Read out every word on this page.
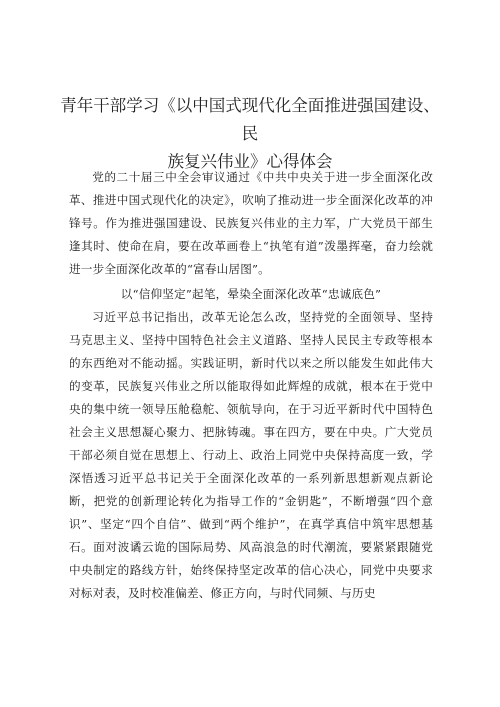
青年干部学习《以中国式现代化全面推进强国建设、民
族复兴伟业》心得体会

党的二十届三中全会审议通过《中共中央关于进一步全面深化改革、推进中国式现代化的决定》，吹响了推动进一步全面深化改革的冲锋号。作为推进强国建设、民族复兴伟业的主力军，广大党员干部生逢其时、使命在肩，要在改革画卷上“执笔有道”泼墨挥毫，奋力绘就进一步全面深化改革的“富春山居图”。

以“信仰坚定”起笔，晕染全面深化改革“忠诚底色”

习近平总书记指出，改革无论怎么改，坚持党的全面领导、坚持马克思主义、坚持中国特色社会主义道路、坚持人民民主专政等根本的东西绝对不能动摇。实践证明，新时代以来之所以能发生如此伟大的变革，民族复兴伟业之所以能取得如此辉煌的成就，根本在于党中央的集中统一领导压舱稳舵、领航导向，在于习近平新时代中国特色社会主义思想凝心聚力、把脉铸魂。事在四方，要在中央。广大党员干部必须自觉在思想上、行动上、政治上同党中央保持高度一致，学深悟透习近平总书记关于全面深化改革的一系列新思想新观点新论断，把党的创新理论转化为指导工作的“金钥匙”，不断增强“四个意识”、坚定“四个自信”、做到“两个维护”，在真学真信中筑牢思想基石。面对波谲云诡的国际局势、风高浪急的时代潮流，要紧紧跟随党中央制定的路线方针，始终保持坚定改革的信心决心，同党中央要求对标对表，及时校准偏差、修正方向，与时代同频、与历史
